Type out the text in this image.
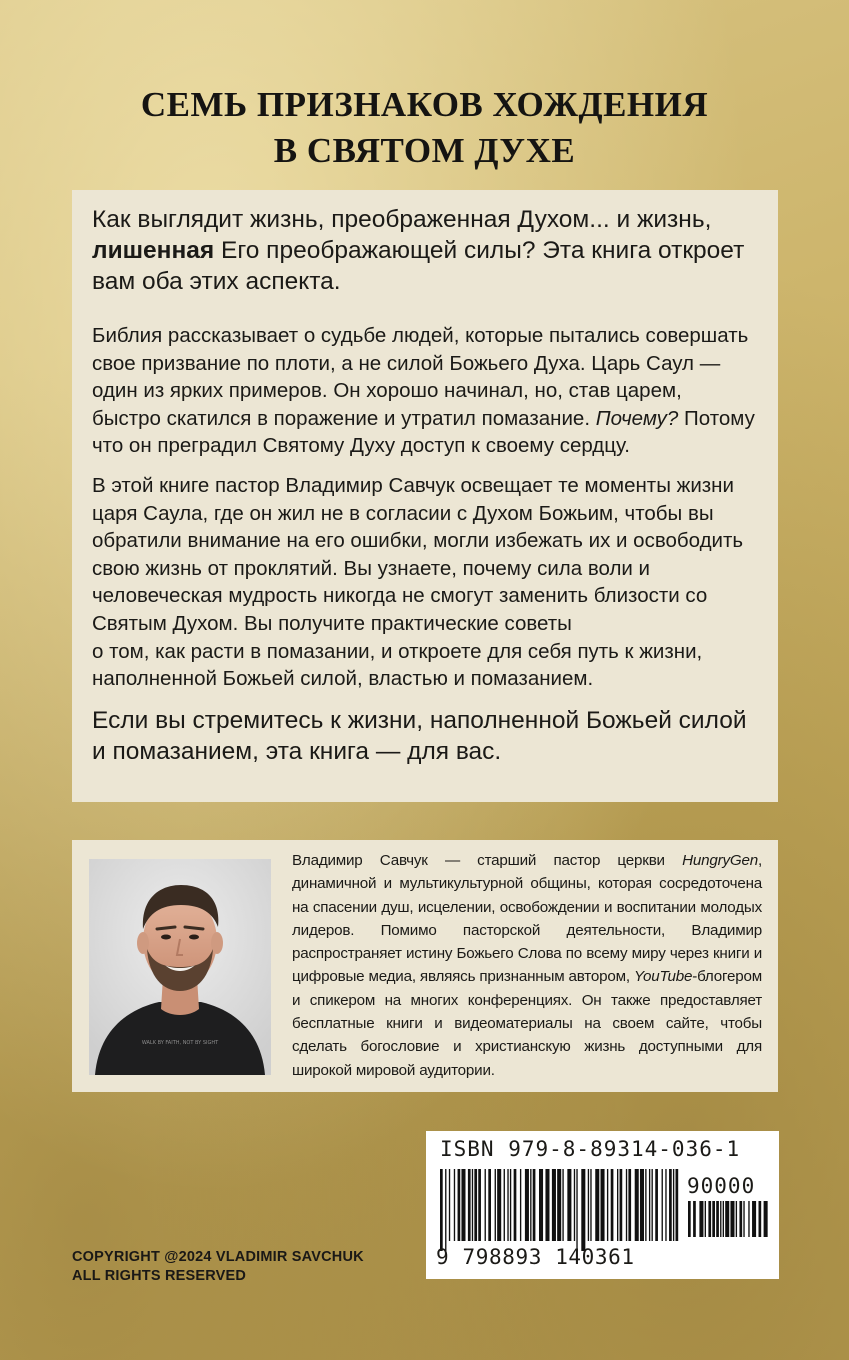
СЕМЬ ПРИЗНАКОВ ХОЖДЕНИЯ
В СВЯТОМ ДУХЕ

Как выглядит жизнь, преображенная Духом... и жизнь, лишенная Его преображающей силы? Эта книга откроет вам оба этих аспекта.

Библия рассказывает о судьбе людей, которые пытались совершать свое призвание по плоти, а не силой Божьего Духа. Царь Саул — один из ярких примеров. Он хорошо начинал, но, став царем, быстро скатился в поражение и утратил помазание. Почему? Потому что он преградил Святому Духу доступ к своему сердцу.

В этой книге пастор Владимир Савчук освещает те моменты жизни царя Саула, где он жил не в согласии с Духом Божьим, чтобы вы обратили внимание на его ошибки, могли избежать их и освободить свою жизнь от проклятий. Вы узнаете, почему сила воли и человеческая мудрость никогда не смогут заменить близости со Святым Духом. Вы получите практические советы
о том, как расти в помазании, и откроете для себя путь к жизни, наполненной Божьей силой, властью и помазанием.

Если вы стремитесь к жизни, наполненной Божьей силой и помазанием, эта книга — для вас.

WALK BY FAITH, NOT BY SIGHT

Владимир Савчук — старший пастор церкви HungryGen, динамичной и мультикультурной общины, которая сосредоточена на спасении душ, исцелении, освобождении и воспитании молодых лидеров. Помимо пасторской деятельности, Владимир распространяет истину Божьего Слова по всему миру через книги и цифровые медиа, являясь признанным автором, YouTube-блогером и спикером на многих конференциях. Он также предоставляет бесплатные книги и видеоматериалы на своем сайте, чтобы сделать богословие и христианскую жизнь доступными для широкой мировой аудитории.

ISBN 979-8-89314-036-1
90000
9 798893 140361
COPYRIGHT @2024 VLADIMIR SAVCHUK
ALL RIGHTS RESERVED
